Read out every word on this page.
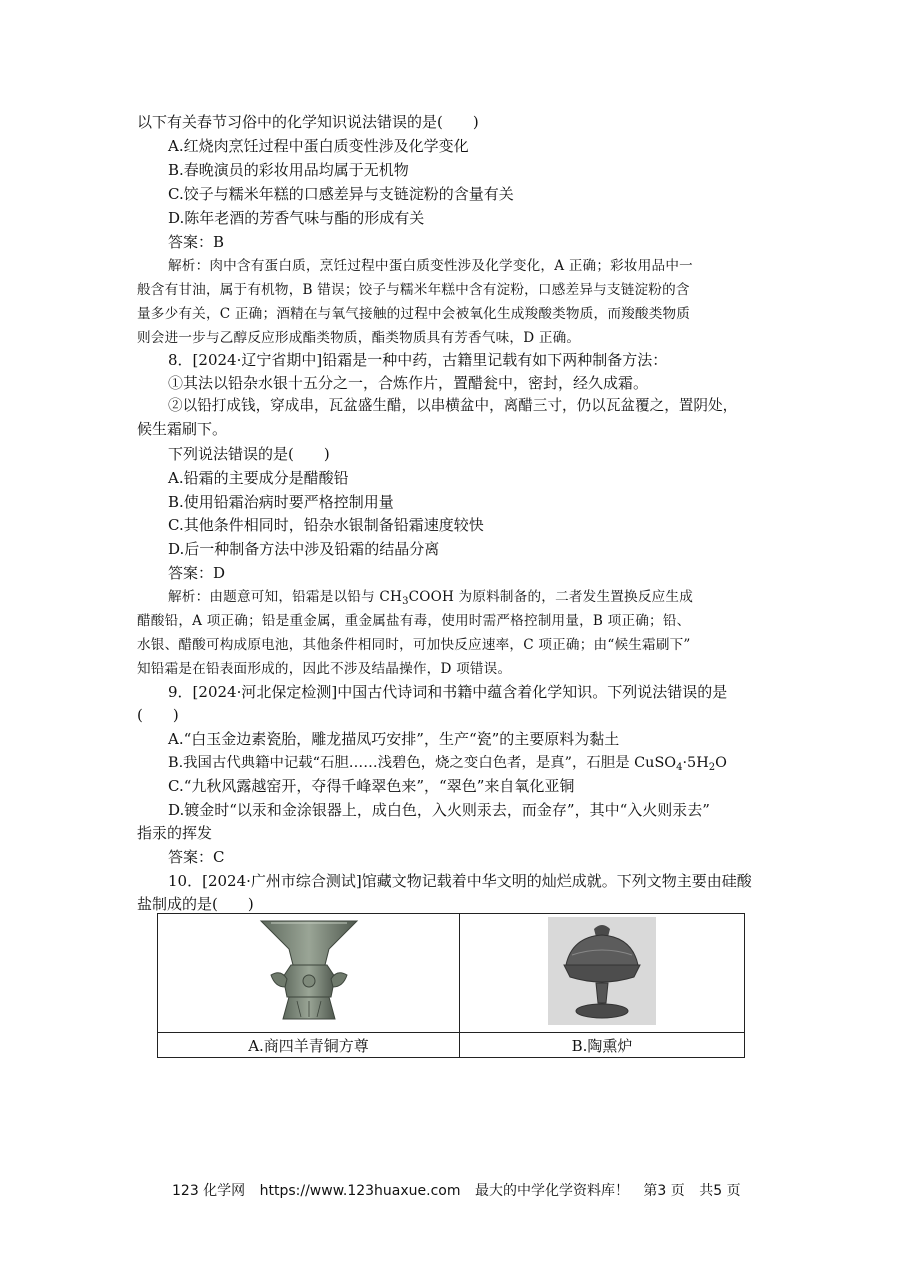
以下有关春节习俗中的化学知识说法错误的是(　　)
A.红烧肉烹饪过程中蛋白质变性涉及化学变化
B.春晚演员的彩妆用品均属于无机物
C.饺子与糯米年糕的口感差异与支链淀粉的含量有关
D.陈年老酒的芳香气味与酯的形成有关
答案：B
解析：肉中含有蛋白质，烹饪过程中蛋白质变性涉及化学变化，A 正确；彩妆用品中一
般含有甘油，属于有机物，B 错误；饺子与糯米年糕中含有淀粉，口感差异与支链淀粉的含
量多少有关，C 正确；酒精在与氧气接触的过程中会被氧化生成羧酸类物质，而羧酸类物质
则会进一步与乙醇反应形成酯类物质，酯类物质具有芳香气味，D 正确。
8．[2024·辽宁省期中]铅霜是一种中药，古籍里记载有如下两种制备方法：
①其法以铅杂水银十五分之一，合炼作片，置醋瓮中，密封，经久成霜。
②以铅打成钱，穿成串，瓦盆盛生醋，以串横盆中，离醋三寸，仍以瓦盆覆之，置阴处，
候生霜刷下。
下列说法错误的是(　　)
A.铅霜的主要成分是醋酸铅
B.使用铅霜治病时要严格控制用量
C.其他条件相同时，铅杂水银制备铅霜速度较快
D.后一种制备方法中涉及铅霜的结晶分离
答案：D
解析：由题意可知，铅霜是以铅与 $CH_3COOH$ 为原料制备的，二者发生置换反应生成
醋酸铅，A 项正确；铅是重金属，重金属盐有毒，使用时需严格控制用量，B 项正确；铅、
水银、醋酸可构成原电池，其他条件相同时，可加快反应速率，C 项正确；由“候生霜刷下”
知铅霜是在铅表面形成的，因此不涉及结晶操作，D 项错误。
9．[2024·河北保定检测]中国古代诗词和书籍中蕴含着化学知识。下列说法错误的是
(　　)
A.“白玉金边素瓷胎，雕龙描凤巧安排”，生产“瓷”的主要原料为黏土
B.我国古代典籍中记载“石胆……浅碧色，烧之变白色者，是真”，石胆是 $CuSO_4\cdot 5H_2O$
C.“九秋风露越窑开，夺得千峰翠色来”，“翠色”来自氧化亚铜
D.镀金时“以汞和金涂银器上，成白色，入火则汞去，而金存”，其中“入火则汞去”
指汞的挥发
答案：C
10．[2024·广州市综合测试]馆藏文物记载着中华文明的灿烂成就。下列文物主要由硅酸
盐制成的是(　　)

A.商四羊青铜方尊	B.陶熏炉
123 化学网 https://www.123huaxue.com 最大的中学化学资料库！ 第3 页 共5 页
